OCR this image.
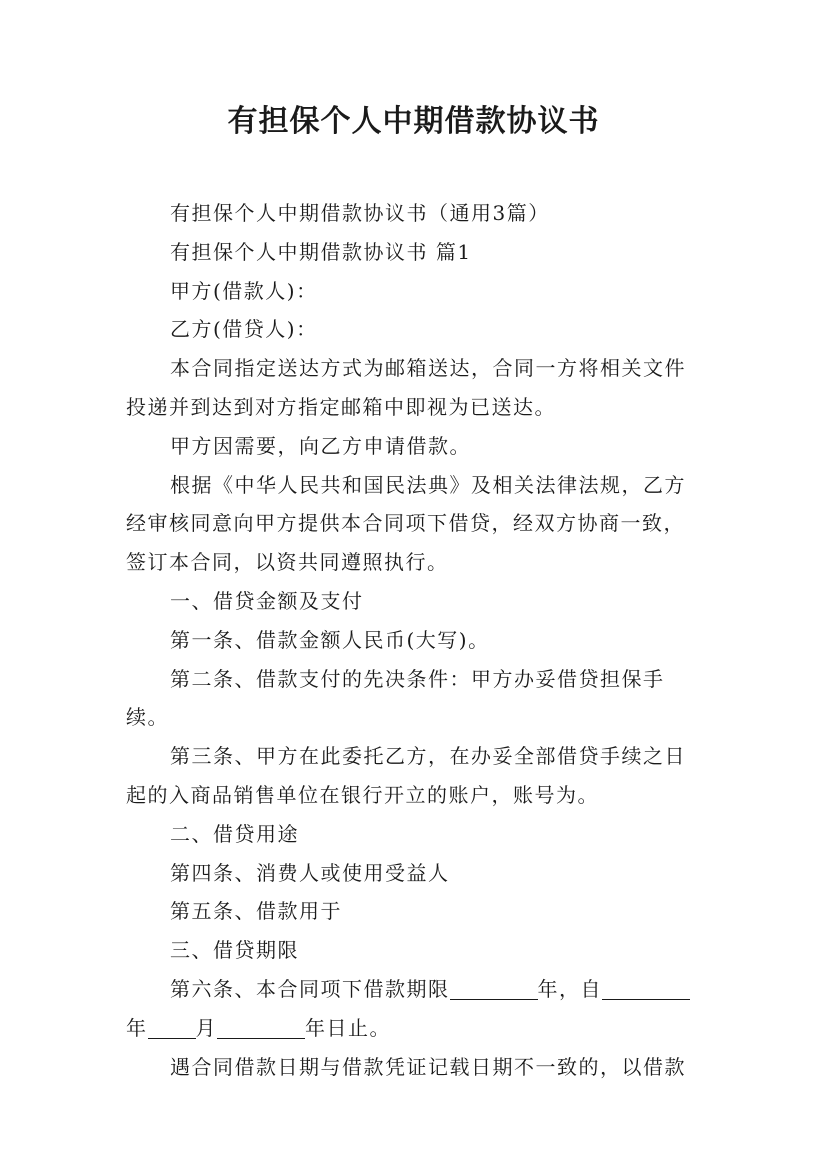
有担保个人中期借款协议书

有担保个人中期借款协议书（通用3篇）

有担保个人中期借款协议书 篇1

甲方(借款人)：

乙方(借贷人)：

本合同指定送达方式为邮箱送达，合同一方将相关文件投递并到达到对方指定邮箱中即视为已送达。

甲方因需要，向乙方申请借款。

根据《中华人民共和国民法典》及相关法律法规，乙方经审核同意向甲方提供本合同项下借贷，经双方协商一致，签订本合同，以资共同遵照执行。

一、借贷金额及支付

第一条、借款金额人民币(大写)。

第二条、借款支付的先决条件：甲方办妥借贷担保手续。

第三条、甲方在此委托乙方，在办妥全部借贷手续之日起的入商品销售单位在银行开立的账户，账号为。

二、借贷用途

第四条、消费人或使用受益人

第五条、借款用于

三、借贷期限

第六条、本合同项下借款期限	年，自年 月	年日止。

遇合同借款日期与借款凭证记载日期不一致的，以借款
